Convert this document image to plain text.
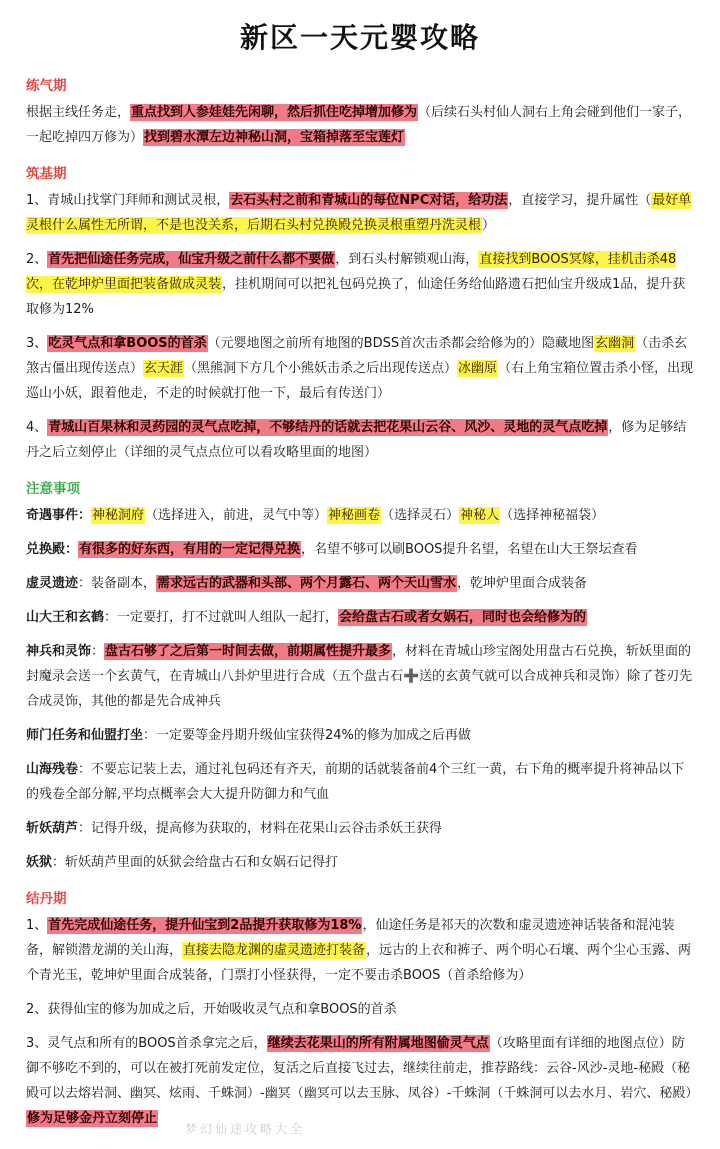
新区一天元婴攻略
练气期

根据主线任务走，重点找到人参娃娃先闲聊，然后抓住吃掉增加修为（后续石头村仙人洞右上角会碰到他们一家子，一起吃掉四万修为）找到碧水潭左边神秘山洞，宝箱掉落至宝莲灯

筑基期

1、青城山找掌门拜师和测试灵根，去石头村之前和青城山的每位NPC对话，给功法，直接学习，提升属性（最好单灵根什么属性无所谓，不是也没关系，后期石头村兑换殿兑换灵根重塑丹洗灵根）

2、首先把仙途任务完成，仙宝升级之前什么都不要做，到石头村解锁观山海，直接找到BOOS冥嫁，挂机击杀48次，在乾坤炉里面把装备做成灵装，挂机期间可以把礼包码兑换了，仙途任务给仙路遗石把仙宝升级成1品，提升获取修为12%

3、吃灵气点和拿BOOS的首杀（元婴地图之前所有地图的BDSS首次击杀都会给修为的）隐藏地图玄幽洞（击杀玄煞古僵出现传送点）玄天涯（黑熊洞下方几个小熊妖击杀之后出现传送点）冰幽原（右上角宝箱位置击杀小怪，出现巡山小妖，跟着他走，不走的时候就打他一下，最后有传送门）

4、青城山百果林和灵药园的灵气点吃掉，不够结丹的话就去把花果山云谷、风沙、灵地的灵气点吃掉，修为足够结丹之后立刻停止（详细的灵气点点位可以看攻略里面的地图）

注意事项

奇遇事件：神秘洞府（选择进入，前进，灵气中等）神秘画卷（选择灵石）神秘人（选择神秘福袋）

兑换殿：有很多的好东西，有用的一定记得兑换，名望不够可以刷BOOS提升名望，名望在山大王祭坛查看

虚灵遗迹：装备副本，需求远古的武器和头部、两个月露石、两个天山雪水，乾坤炉里面合成装备

山大王和玄鹤：一定要打，打不过就叫人组队一起打，会给盘古石或者女娲石，同时也会给修为的

神兵和灵饰：盘古石够了之后第一时间去做，前期属性提升最多，材料在青城山珍宝阁处用盘古石兑换，斩妖里面的封魔录会送一个玄黄气，在青城山八卦炉里进行合成（五个盘古石➕送的玄黄气就可以合成神兵和灵饰）除了苍刃先合成灵饰，其他的都是先合成神兵

师门任务和仙盟打坐：一定要等金丹期升级仙宝获得24%的修为加成之后再做

山海残卷：不要忘记装上去，通过礼包码还有齐天，前期的话就装备前4个三红一黄，右下角的概率提升将神品以下的残卷全部分解,平均点概率会大大提升防御力和气血

斩妖葫芦：记得升级，提高修为获取的，材料在花果山云谷击杀妖王获得

妖狱：斩妖葫芦里面的妖狱会给盘古石和女娲石记得打

结丹期

1、首先完成仙途任务，提升仙宝到2品提升获取修为18%，仙途任务是祁天的次数和虚灵遗迹神话装备和混沌装备，解锁潜龙湖的关山海，直接去隐龙渊的虚灵遗迹打装备，远古的上衣和裤子、两个明心石壤、两个尘心玉露、两个青光玉，乾坤炉里面合成装备，门票打小怪获得，一定不要击杀BOOS（首杀给修为）

2、获得仙宝的修为加成之后，开始吸收灵气点和拿BOOS的首杀

3、灵气点和所有的BOOS首杀拿完之后，继续去花果山的所有附属地图偷灵气点（攻略里面有详细的地图点位）防御不够吃不到的，可以在被打死前发定位，复活之后直接飞过去，继续往前走，推荐路线：云谷-风沙-灵地-秘殿（秘殿可以去熔岩洞、幽冥、炫雨、千蛛洞）-幽冥（幽冥可以去玉脉、凤谷）-千蛛洞（千蛛洞可以去水月、岩穴、秘殿）修为足够金丹立刻停止

梦幻仙途攻略大全
